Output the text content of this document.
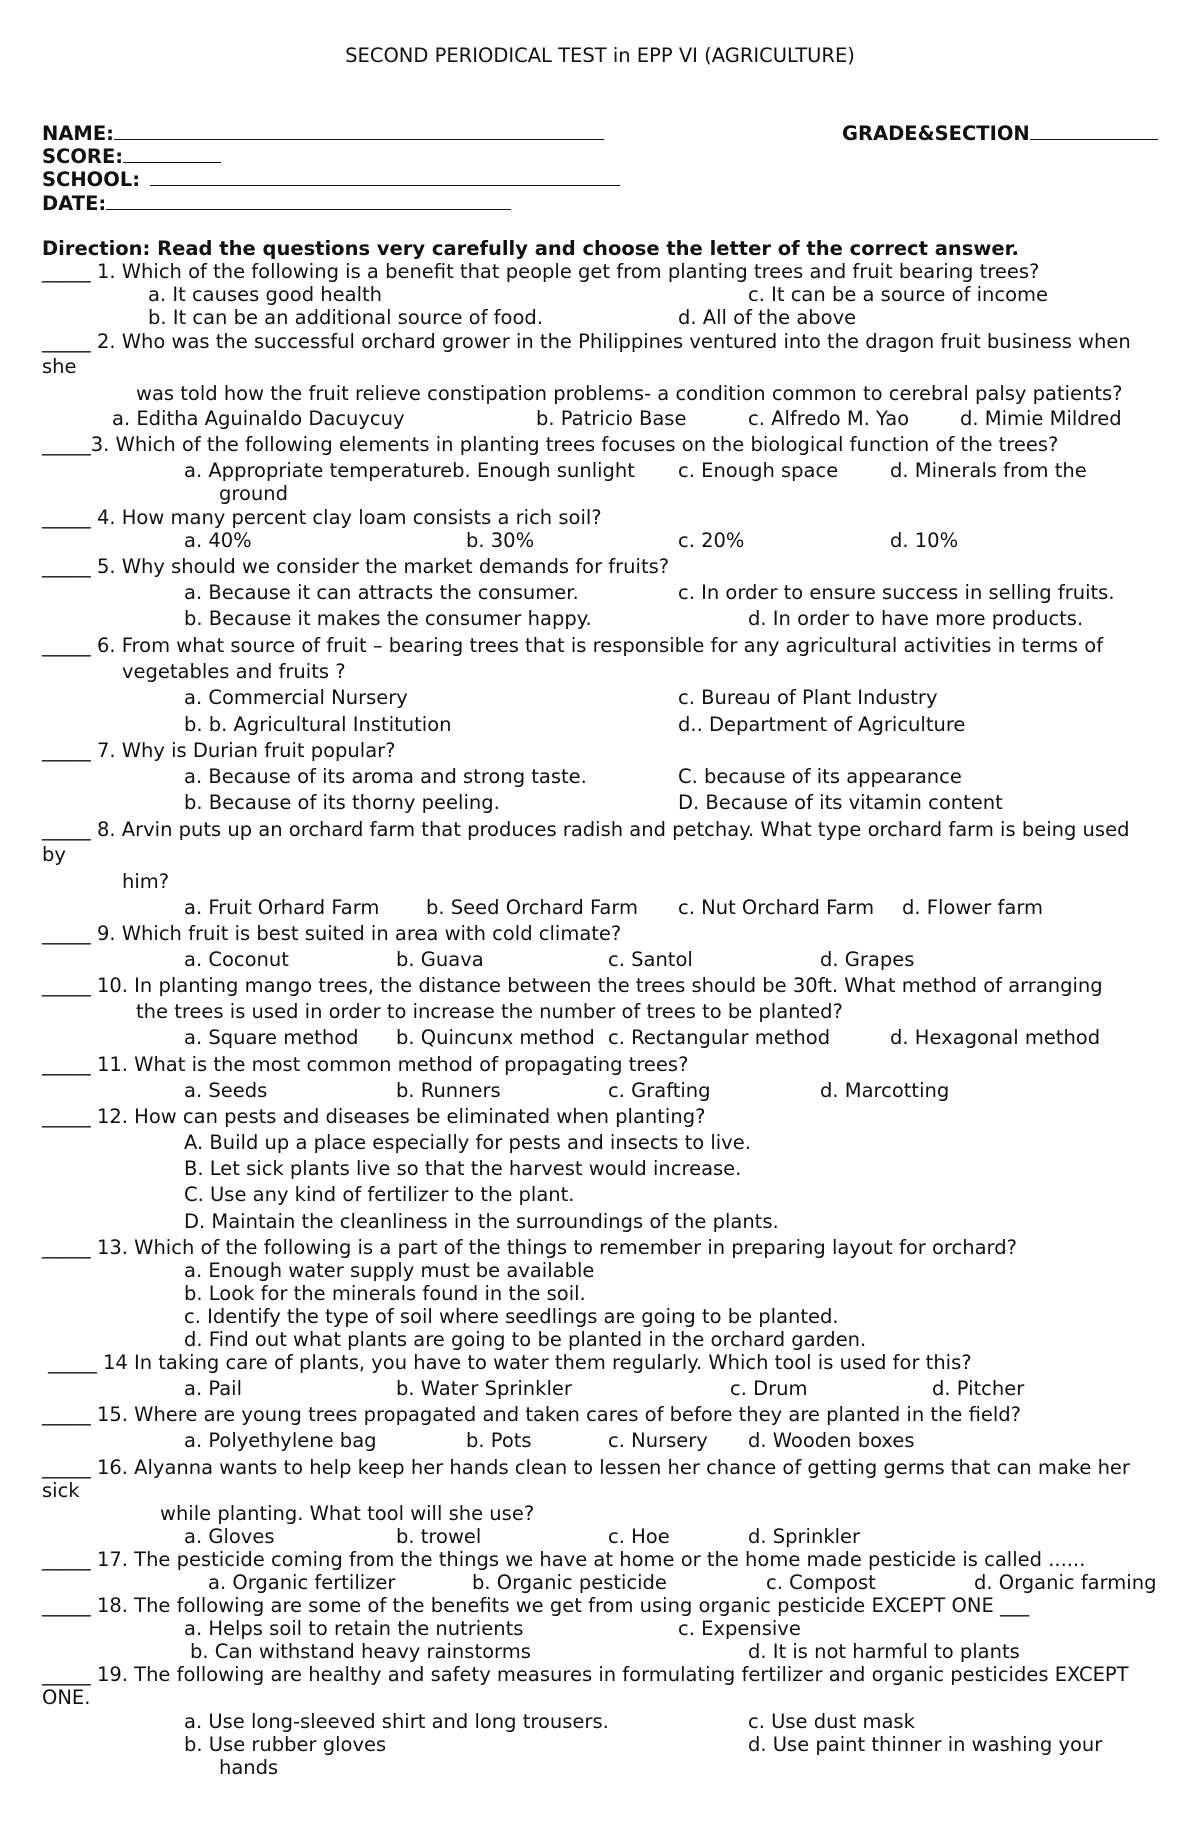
SECOND PERIODICAL TEST in EPP VI (AGRICULTURE)
NAME:	GRADE&SECTION
SCORE:
SCHOOL:
DATE:
Direction: Read the questions very carefully and choose the letter of the correct answer.
_____ 1. Which of the following is a benefit that people get from planting trees and fruit bearing trees?
a. It causes good health	c. It can be a source of income
b. It can be an additional source of food.	d. All of the above
_____ 2. Who was the successful orchard grower in the Philippines ventured into the dragon fruit business when
she
was told how the fruit relieve constipation problems- a condition common to cerebral palsy patients?
a. Editha Aguinaldo Dacuycuy	b. Patricio Base	c. Alfredo M. Yao	d. Mimie Mildred
_____3. Which of the following elements in planting trees focuses on the biological function of the trees?
a. Appropriate temperatureb. Enough sunlight c. Enough space	d. Minerals from the
ground
_____ 4. How many percent clay loam consists a rich soil?
a. 40%	b. 30%	c. 20%	d. 10%
_____ 5. Why should we consider the market demands for fruits?
a. Because it can attracts the consumer.	c. In order to ensure success in selling fruits.
b. Because it makes the consumer happy.	d. In order to have more products.
_____ 6. From what source of fruit – bearing trees that is responsible for any agricultural activities in terms of
vegetables and fruits ?
a. Commercial Nursery	c. Bureau of Plant Industry
b. b. Agricultural Institution	d.. Department of Agriculture
_____ 7. Why is Durian fruit popular?
a. Because of its aroma and strong taste.	C. because of its appearance
b. Because of its thorny peeling.	D. Because of its vitamin content
_____ 8. Arvin puts up an orchard farm that produces radish and petchay. What type orchard farm is being used
by
him?
a. Fruit Orhard Farm b. Seed Orchard Farm c. Nut Orchard Farm d. Flower farm
_____ 9. Which fruit is best suited in area with cold climate?
a. Coconut	b. Guava	c. Santol	d. Grapes
_____ 10. In planting mango trees, the distance between the trees should be 30ft. What method of arranging
the trees is used in order to increase the number of trees to be planted?
a. Square method b. Quincunx method c. Rectangular method	d. Hexagonal method
_____ 11. What is the most common method of propagating trees?
a. Seeds	b. Runners	c. Grafting	d. Marcotting
_____ 12. How can pests and diseases be eliminated when planting?
A. Build up a place especially for pests and insects to live.
B. Let sick plants live so that the harvest would increase.
C. Use any kind of fertilizer to the plant.
D. Maintain the cleanliness in the surroundings of the plants.
_____ 13. Which of the following is a part of the things to remember in preparing layout for orchard?
a. Enough water supply must be available
b. Look for the minerals found in the soil.
c. Identify the type of soil where seedlings are going to be planted.
d. Find out what plants are going to be planted in the orchard garden.
_____ 14 In taking care of plants, you have to water them regularly. Which tool is used for this?
a. Pail	b. Water Sprinkler	c. Drum	d. Pitcher
_____ 15. Where are young trees propagated and taken cares of before they are planted in the field?
a. Polyethylene bag	b. Pots	c. Nursery d. Wooden boxes
_____ 16. Alyanna wants to help keep her hands clean to lessen her chance of getting germs that can make her
sick
while planting. What tool will she use?
a. Gloves	b. trowel	c. Hoe	d. Sprinkler
_____ 17. The pesticide coming from the things we have at home or the home made pesticide is called ......
a. Organic fertilizer	b. Organic pesticide	c. Compost	d. Organic farming
_____ 18. The following are some of the benefits we get from using organic pesticide EXCEPT ONE ___
a. Helps soil to retain the nutrients	c. Expensive
b. Can withstand heavy rainstorms	d. It is not harmful to plants
_____ 19. The following are healthy and safety measures in formulating fertilizer and organic pesticides EXCEPT
ONE.
a. Use long-sleeved shirt and long trousers.	c. Use dust mask
b. Use rubber gloves	d. Use paint thinner in washing your
hands
